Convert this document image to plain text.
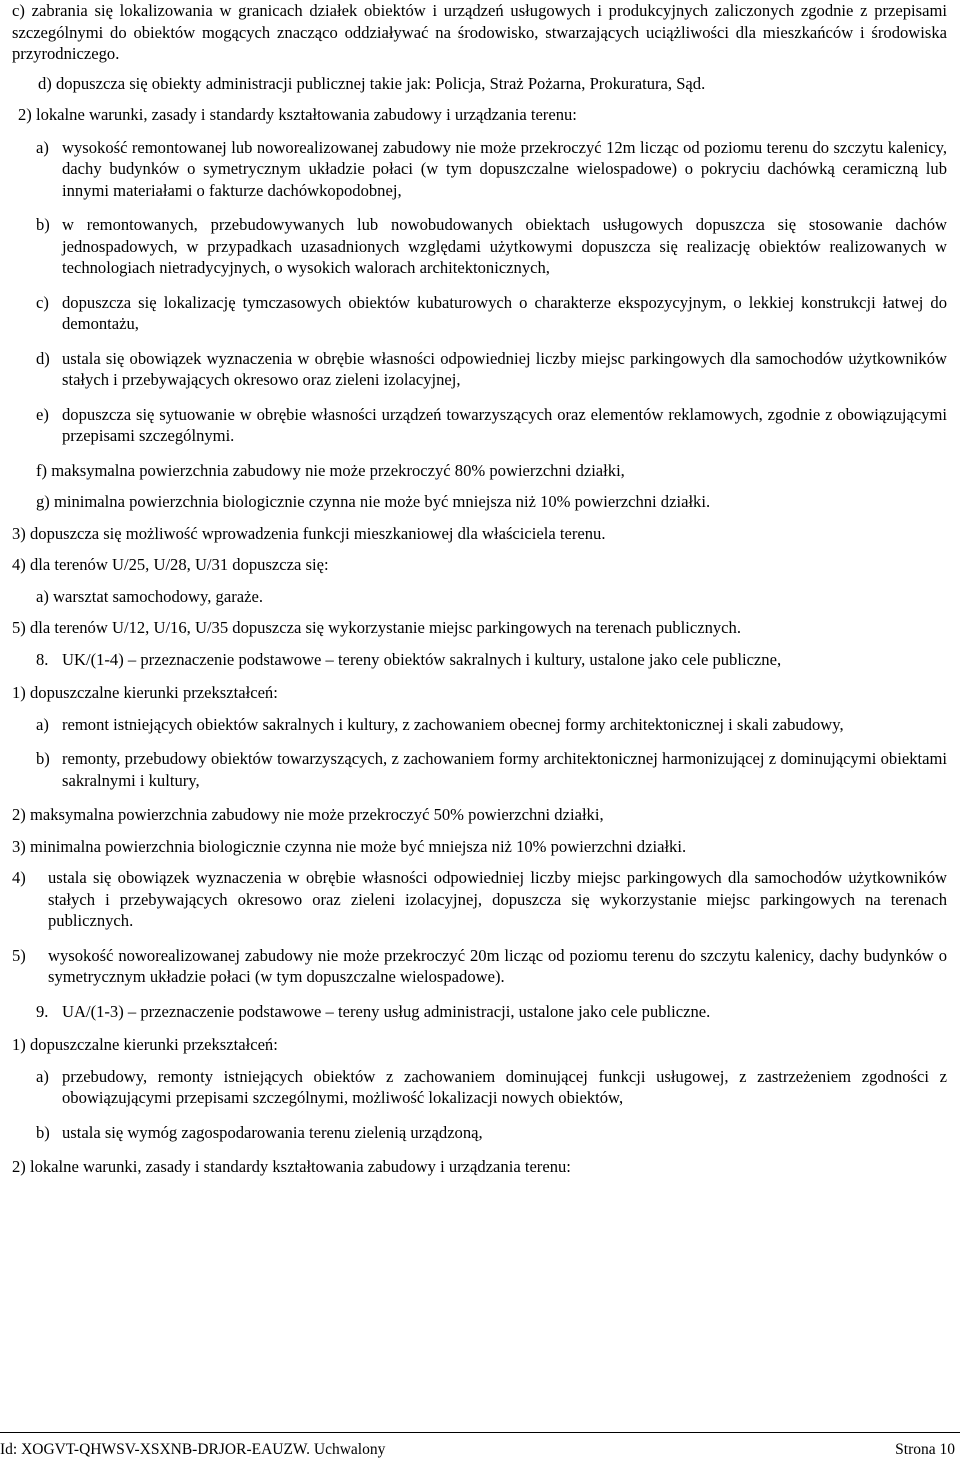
c) zabrania się lokalizowania w granicach działek obiektów i urządzeń usługowych i produkcyjnych zaliczonych zgodnie z przepisami szczególnymi do obiektów mogących znacząco oddziaływać na środowisko, stwarzających uciążliwości dla mieszkańców i środowiska przyrodniczego.
d) dopuszcza się obiekty administracji publicznej takie jak: Policja, Straż Pożarna, Prokuratura, Sąd.
2) lokalne warunki, zasady i standardy kształtowania zabudowy i urządzania terenu:
a) wysokość remontowanej lub noworealizowanej zabudowy nie może przekroczyć 12m licząc od poziomu terenu do szczytu kalenicy, dachy budynków o symetrycznym układzie połaci (w tym dopuszczalne wielospadowe) o pokryciu dachówką ceramiczną lub innymi materiałami o fakturze dachówkopodobnej,
b) w remontowanych, przebudowywanych lub nowobudowanych obiektach usługowych dopuszcza się stosowanie dachów jednospadowych, w przypadkach uzasadnionych względami użytkowymi dopuszcza się realizację obiektów realizowanych w technologiach nietradycyjnych, o wysokich walorach architektonicznych,
c) dopuszcza się lokalizację tymczasowych obiektów kubaturowych o charakterze ekspozycyjnym, o lekkiej konstrukcji łatwej do demontażu,
d) ustala się obowiązek wyznaczenia w obrębie własności odpowiedniej liczby miejsc parkingowych dla samochodów użytkowników stałych i przebywających okresowo oraz zieleni izolacyjnej,
e) dopuszcza się sytuowanie w obrębie własności urządzeń towarzyszących oraz elementów reklamowych, zgodnie z obowiązującymi przepisami szczególnymi.
f) maksymalna powierzchnia zabudowy nie może przekroczyć 80% powierzchni działki,
g) minimalna powierzchnia biologicznie czynna nie może być mniejsza niż 10% powierzchni działki.
3) dopuszcza się możliwość wprowadzenia funkcji mieszkaniowej dla właściciela terenu.
4) dla terenów U/25, U/28, U/31 dopuszcza się:
a) warsztat samochodowy, garaże.
5) dla terenów U/12, U/16, U/35 dopuszcza się wykorzystanie miejsc parkingowych na terenach publicznych.
8. UK/(1-4) – przeznaczenie podstawowe – tereny obiektów sakralnych i kultury, ustalone jako cele publiczne,
1) dopuszczalne kierunki przekształceń:
a) remont istniejących obiektów sakralnych i kultury, z zachowaniem obecnej formy architektonicznej i skali zabudowy,
b) remonty, przebudowy obiektów towarzyszących, z zachowaniem formy architektonicznej harmonizującej z dominującymi obiektami sakralnymi i kultury,
2) maksymalna powierzchnia zabudowy nie może przekroczyć 50% powierzchni działki,
3) minimalna powierzchnia biologicznie czynna nie może być mniejsza niż 10% powierzchni działki.
4)	ustala się obowiązek wyznaczenia w obrębie własności odpowiedniej liczby miejsc parkingowych dla samochodów użytkowników stałych i przebywających okresowo oraz zieleni izolacyjnej, dopuszcza się wykorzystanie miejsc parkingowych na terenach publicznych.
5)	wysokość noworealizowanej zabudowy nie może przekroczyć 20m licząc od poziomu terenu do szczytu kalenicy, dachy budynków o symetrycznym układzie połaci (w tym dopuszczalne wielospadowe).
9. UA/(1-3) – przeznaczenie podstawowe – tereny usług administracji, ustalone jako cele publiczne.
1) dopuszczalne kierunki przekształceń:
a) przebudowy, remonty istniejących obiektów z zachowaniem dominującej funkcji usługowej, z zastrzeżeniem zgodności z obowiązującymi przepisami szczególnymi, możliwość lokalizacji nowych obiektów,
b) ustala się wymóg zagospodarowania terenu zielenią urządzoną,
2) lokalne warunki, zasady i standardy kształtowania zabudowy i urządzania terenu:
Id: XOGVT-QHWSV-XSXNB-DRJOR-EAUZW. Uchwalony	Strona 10
